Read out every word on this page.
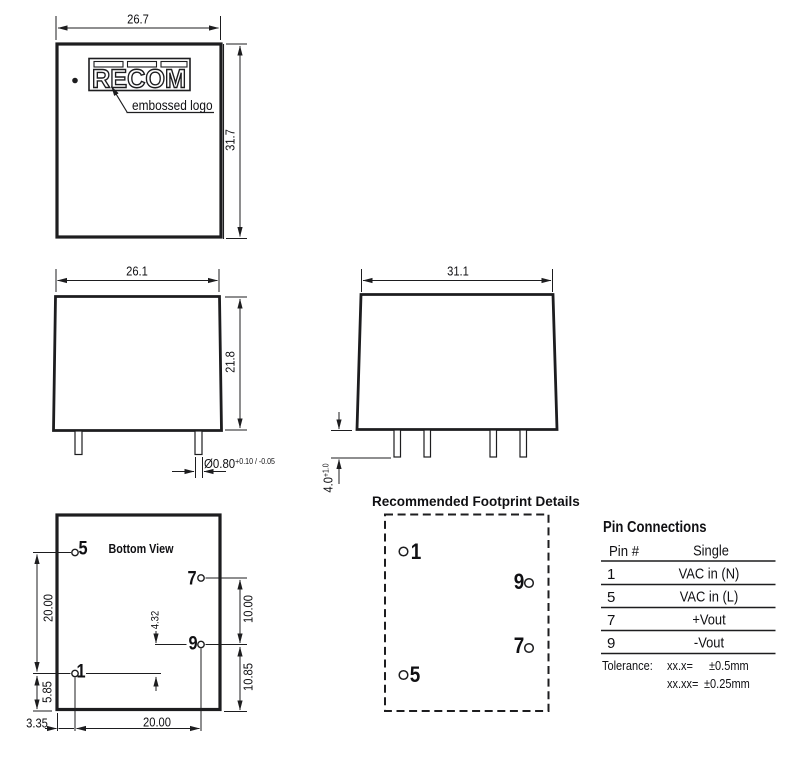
RECOM
26.7
31.7
embossed logo
26.1
21.8
$Ø0.80^{+0.10 / -0.05}$
31.1
$4.0^{+1.0}$
Bottom View
5
7
9
1
20.00
5.85
3.35	20.00
4.32	10.00
10.85
Recommended Footprint Details
1
9
7
5
Pin Connections
Pin #	Single
1	VAC in (N)
5	VAC in (L)
7	+Vout
9	-Vout
Tolerance: xx.x= ±0.5mm
xx.xx= ±0.25mm
